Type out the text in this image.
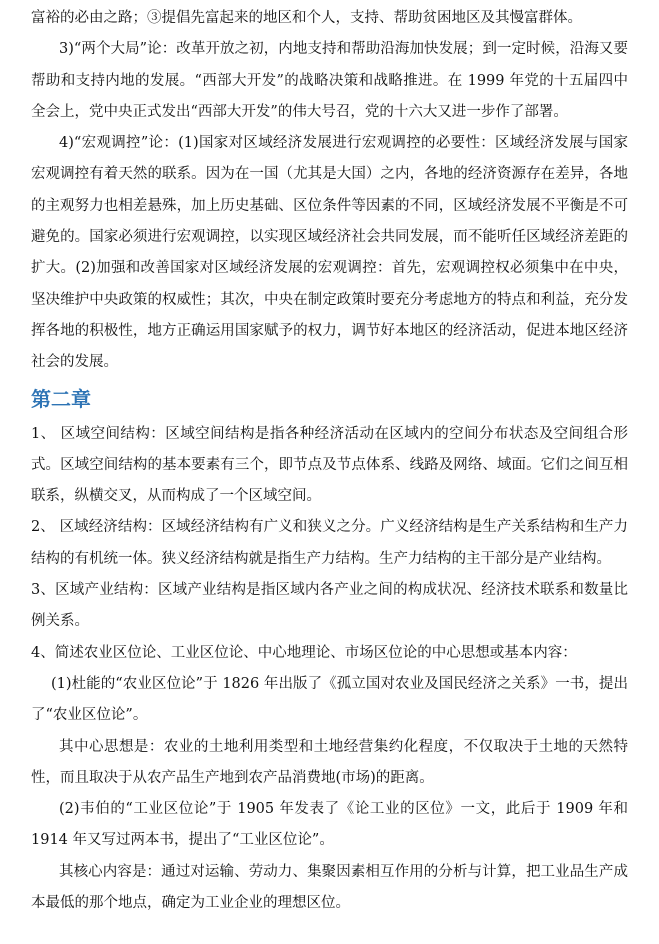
富裕的必由之路；③提倡先富起来的地区和个人，支持、帮助贫困地区及其慢富群体。

3)“两个大局”论：改革开放之初，内地支持和帮助沿海加快发展；到一定时候，沿海又要帮助和支持内地的发展。“西部大开发”的战略决策和战略推进。在 1999 年党的十五届四中全会上，党中央正式发出“西部大开发”的伟大号召，党的十六大又进一步作了部署。

4)“宏观调控”论：(1)国家对区域经济发展进行宏观调控的必要性：区域经济发展与国家宏观调控有着天然的联系。因为在一国（尤其是大国）之内，各地的经济资源存在差异，各地的主观努力也相差悬殊，加上历史基础、区位条件等因素的不同，区域经济发展不平衡是不可避免的。国家必须进行宏观调控，以实现区域经济社会共同发展，而不能听任区域经济差距的扩大。(2)加强和改善国家对区域经济发展的宏观调控：首先，宏观调控权必须集中在中央，坚决维护中央政策的权威性；其次，中央在制定政策时要充分考虑地方的特点和利益，充分发挥各地的积极性，地方正确运用国家赋予的权力，调节好本地区的经济活动，促进本地区经济社会的发展。

第二章

1、 区域空间结构：区域空间结构是指各种经济活动在区域内的空间分布状态及空间组合形式。区域空间结构的基本要素有三个，即节点及节点体系、线路及网络、域面。它们之间互相联系，纵横交叉，从而构成了一个区域空间。

2、 区域经济结构：区域经济结构有广义和狭义之分。广义经济结构是生产关系结构和生产力结构的有机统一体。狭义经济结构就是指生产力结构。生产力结构的主干部分是产业结构。

3、区域产业结构：区域产业结构是指区域内各产业之间的构成状况、经济技术联系和数量比例关系。

4、简述农业区位论、工业区位论、中心地理论、市场区位论的中心思想或基本内容：

(1)杜能的“农业区位论”于 1826 年出版了《孤立国对农业及国民经济之关系》一书，提出了“农业区位论”。

其中心思想是：农业的土地利用类型和土地经营集约化程度，不仅取决于土地的天然特性，而且取决于从农产品生产地到农产品消费地(市场)的距离。

(2)韦伯的“工业区位论”于 1905 年发表了《论工业的区位》一文，此后于 1909 年和1914 年又写过两本书，提出了“工业区位论”。

其核心内容是：通过对运输、劳动力、集聚因素相互作用的分析与计算，把工业品生产成本最低的那个地点，确定为工业企业的理想区位。
